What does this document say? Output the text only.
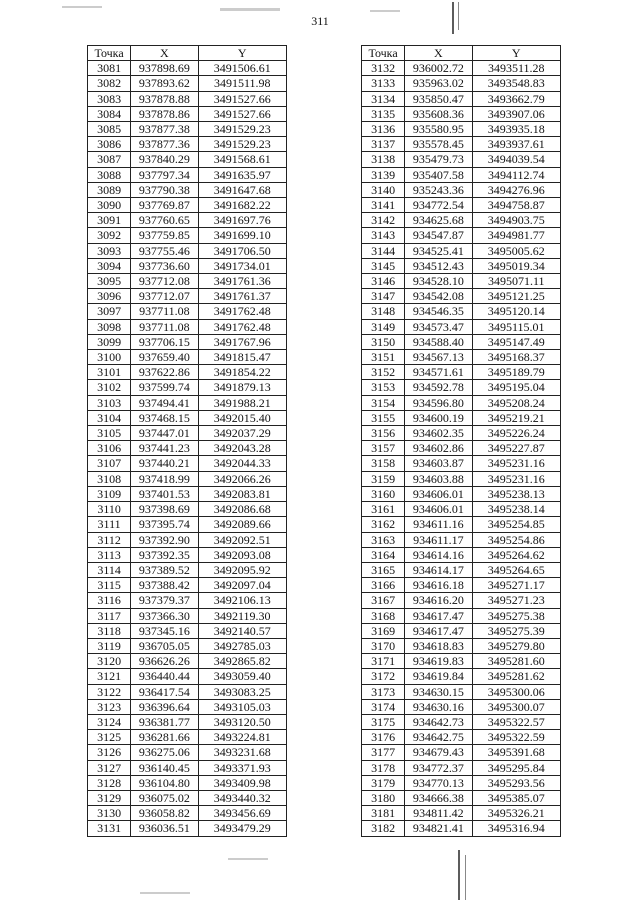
311
Точка	X	Y
3081	937898.69	3491506.61
3082	937893.62	3491511.98
3083	937878.88	3491527.66
3084	937878.86	3491527.66
3085	937877.38	3491529.23
3086	937877.36	3491529.23
3087	937840.29	3491568.61
3088	937797.34	3491635.97
3089	937790.38	3491647.68
3090	937769.87	3491682.22
3091	937760.65	3491697.76
3092	937759.85	3491699.10
3093	937755.46	3491706.50
3094	937736.60	3491734.01
3095	937712.08	3491761.36
3096	937712.07	3491761.37
3097	937711.08	3491762.48
3098	937711.08	3491762.48
3099	937706.15	3491767.96
3100	937659.40	3491815.47
3101	937622.86	3491854.22
3102	937599.74	3491879.13
3103	937494.41	3491988.21
3104	937468.15	3492015.40
3105	937447.01	3492037.29
3106	937441.23	3492043.28
3107	937440.21	3492044.33
3108	937418.99	3492066.26
3109	937401.53	3492083.81
3110	937398.69	3492086.68
3111	937395.74	3492089.66
3112	937392.90	3492092.51
3113	937392.35	3492093.08
3114	937389.52	3492095.92
3115	937388.42	3492097.04
3116	937379.37	3492106.13
3117	937366.30	3492119.30
3118	937345.16	3492140.57
3119	936705.05	3492785.03
3120	936626.26	3492865.82
3121	936440.44	3493059.40
3122	936417.54	3493083.25
3123	936396.64	3493105.03
3124	936381.77	3493120.50
3125	936281.66	3493224.81
3126	936275.06	3493231.68
3127	936140.45	3493371.93
3128	936104.80	3493409.98
3129	936075.02	3493440.32
3130	936058.82	3493456.69
3131	936036.51	3493479.29
Точка	X	Y
3132	936002.72	3493511.28
3133	935963.02	3493548.83
3134	935850.47	3493662.79
3135	935608.36	3493907.06
3136	935580.95	3493935.18
3137	935578.45	3493937.61
3138	935479.73	3494039.54
3139	935407.58	3494112.74
3140	935243.36	3494276.96
3141	934772.54	3494758.87
3142	934625.68	3494903.75
3143	934547.87	3494981.77
3144	934525.41	3495005.62
3145	934512.43	3495019.34
3146	934528.10	3495071.11
3147	934542.08	3495121.25
3148	934546.35	3495120.14
3149	934573.47	3495115.01
3150	934588.40	3495147.49
3151	934567.13	3495168.37
3152	934571.61	3495189.79
3153	934592.78	3495195.04
3154	934596.80	3495208.24
3155	934600.19	3495219.21
3156	934602.35	3495226.24
3157	934602.86	3495227.87
3158	934603.87	3495231.16
3159	934603.88	3495231.16
3160	934606.01	3495238.13
3161	934606.01	3495238.14
3162	934611.16	3495254.85
3163	934611.17	3495254.86
3164	934614.16	3495264.62
3165	934614.17	3495264.65
3166	934616.18	3495271.17
3167	934616.20	3495271.23
3168	934617.47	3495275.38
3169	934617.47	3495275.39
3170	934618.83	3495279.80
3171	934619.83	3495281.60
3172	934619.84	3495281.62
3173	934630.15	3495300.06
3174	934630.16	3495300.07
3175	934642.73	3495322.57
3176	934642.75	3495322.59
3177	934679.43	3495391.68
3178	934772.37	3495295.84
3179	934770.13	3495293.56
3180	934666.38	3495385.07
3181	934811.42	3495326.21
3182	934821.41	3495316.94
